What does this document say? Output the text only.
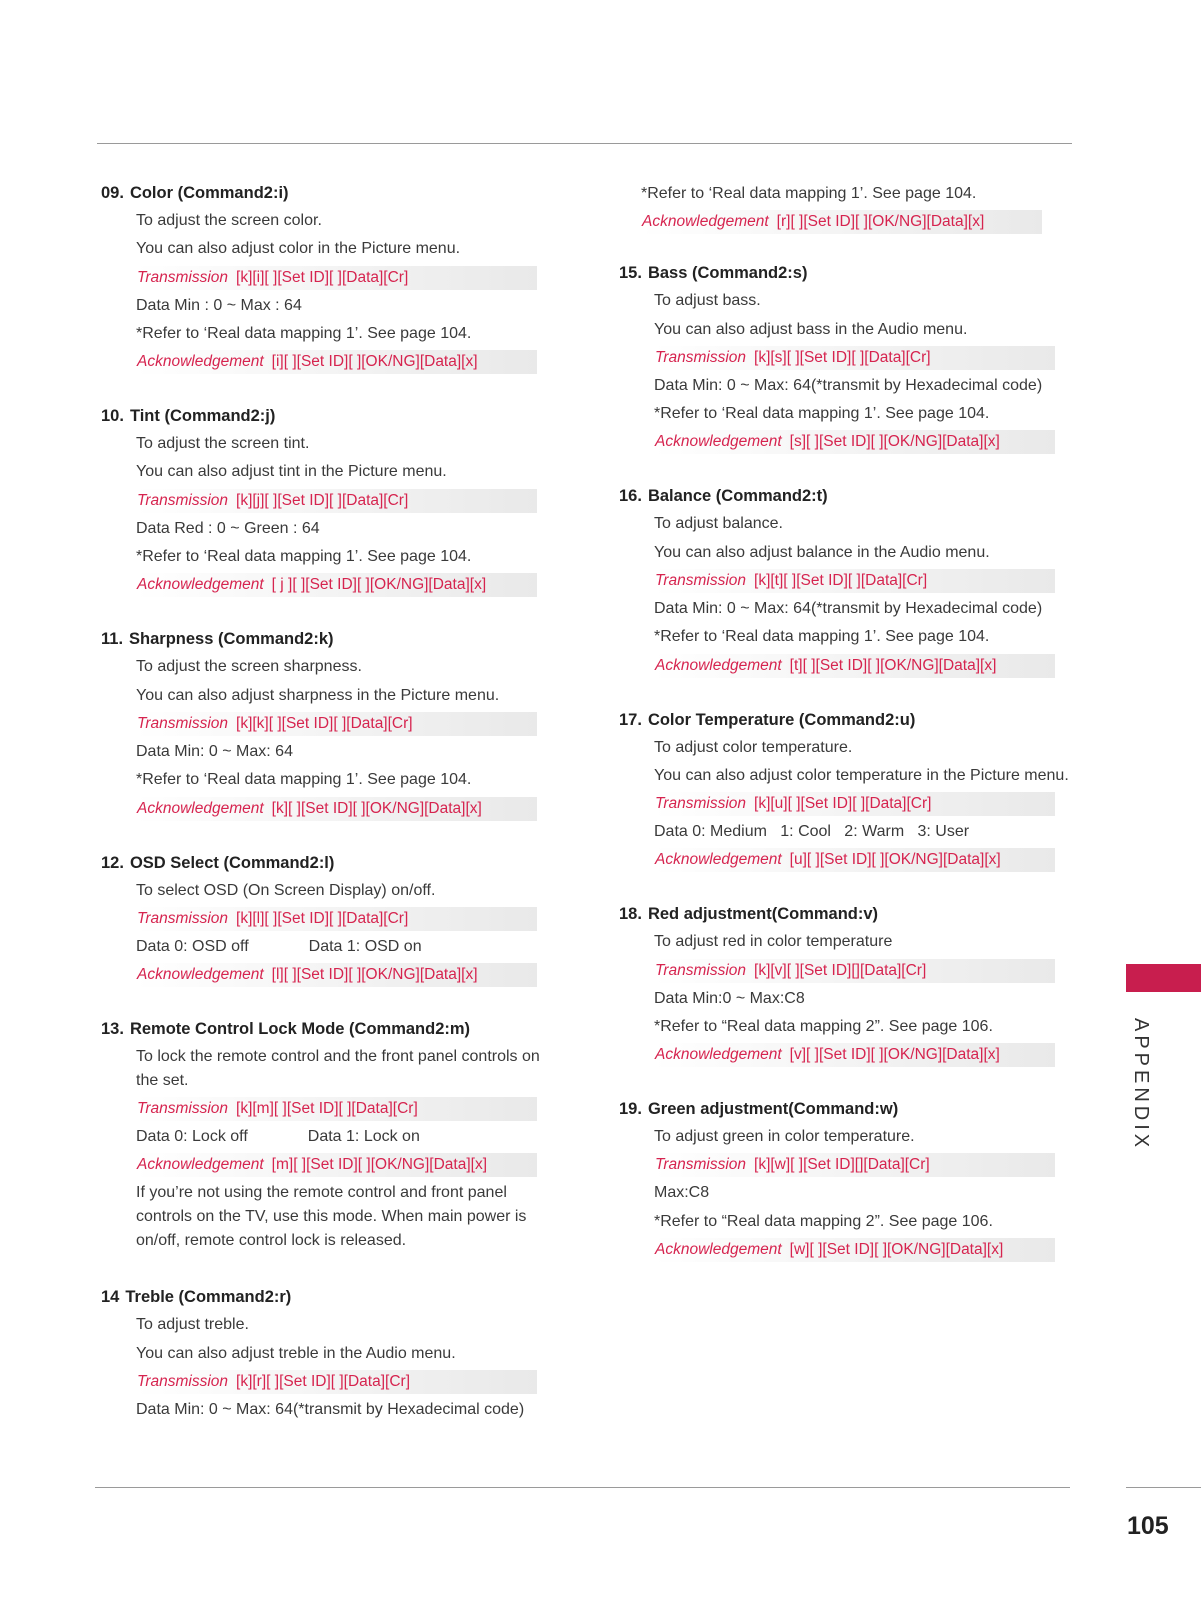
09. Color (Command2:i)
To adjust the screen color.
You can also adjust color in the Picture menu.
Transmission [k][i][ ][Set ID][ ][Data][Cr]
Data Min : 0 ~ Max : 64
*Refer to ‘Real data mapping 1’. See page 104.
Acknowledgement [i][ ][Set ID][ ][OK/NG][Data][x]
10. Tint (Command2:j)
To adjust the screen tint.
You can also adjust tint in the Picture menu.
Transmission [k][j][ ][Set ID][ ][Data][Cr]
Data Red : 0 ~ Green : 64
*Refer to ‘Real data mapping 1’. See page 104.
Acknowledgement [ j ][ ][Set ID][ ][OK/NG][Data][x]
11. Sharpness (Command2:k)
To adjust the screen sharpness.
You can also adjust sharpness in the Picture menu.
Transmission [k][k][ ][Set ID][ ][Data][Cr]
Data Min: 0 ~ Max: 64
*Refer to ‘Real data mapping 1’. See page 104.
Acknowledgement [k][ ][Set ID][ ][OK/NG][Data][x]
12. OSD Select (Command2:l)
To select OSD (On Screen Display) on/off.
Transmission [k][l][ ][Set ID][ ][Data][Cr]
Data 0: OSD off	Data 1: OSD on
Acknowledgement [l][ ][Set ID][ ][OK/NG][Data][x]
13. Remote Control Lock Mode (Command2:m)
To lock the remote control and the front panel controls on the set.
Transmission [k][m][ ][Set ID][ ][Data][Cr]
Data 0: Lock off	Data 1: Lock on
Acknowledgement [m][ ][Set ID][ ][OK/NG][Data][x]
If you’re not using the remote control and front panel controls on the TV, use this mode. When main power is on/off, remote control lock is released.
14 Treble (Command2:r)
To adjust treble.
You can also adjust treble in the Audio menu.
Transmission [k][r][ ][Set ID][ ][Data][Cr]
Data Min: 0 ~ Max: 64(*transmit by Hexadecimal code)
*Refer to ‘Real data mapping 1’. See page 104.
Acknowledgement [r][ ][Set ID][ ][OK/NG][Data][x]
15. Bass (Command2:s)
To adjust bass.
You can also adjust bass in the Audio menu.
Transmission [k][s][ ][Set ID][ ][Data][Cr]
Data Min: 0 ~ Max: 64(*transmit by Hexadecimal code)
*Refer to ‘Real data mapping 1’. See page 104.
Acknowledgement [s][ ][Set ID][ ][OK/NG][Data][x]
16. Balance (Command2:t)
To adjust balance.
You can also adjust balance in the Audio menu.
Transmission [k][t][ ][Set ID][ ][Data][Cr]
Data Min: 0 ~ Max: 64(*transmit by Hexadecimal code)
*Refer to ‘Real data mapping 1’. See page 104.
Acknowledgement [t][ ][Set ID][ ][OK/NG][Data][x]
17. Color Temperature (Command2:u)
To adjust color temperature.
You can also adjust color temperature in the Picture menu.
Transmission [k][u][ ][Set ID][ ][Data][Cr]
Data 0: Medium   1: Cool   2: Warm   3: User
Acknowledgement [u][ ][Set ID][ ][OK/NG][Data][x]
18. Red adjustment(Command:v)
To adjust red in color temperature
Transmission [k][v][ ][Set ID][][Data][Cr]
Data Min:0 ~ Max:C8
*Refer to “Real data mapping 2”. See page 106.
Acknowledgement [v][ ][Set ID][ ][OK/NG][Data][x]
19. Green adjustment(Command:w)
To adjust green in color temperature.
Transmission [k][w][ ][Set ID][][Data][Cr]
Max:C8
*Refer to “Real data mapping 2”. See page 106.
Acknowledgement [w][ ][Set ID][ ][OK/NG][Data][x]
APPENDIX
105
